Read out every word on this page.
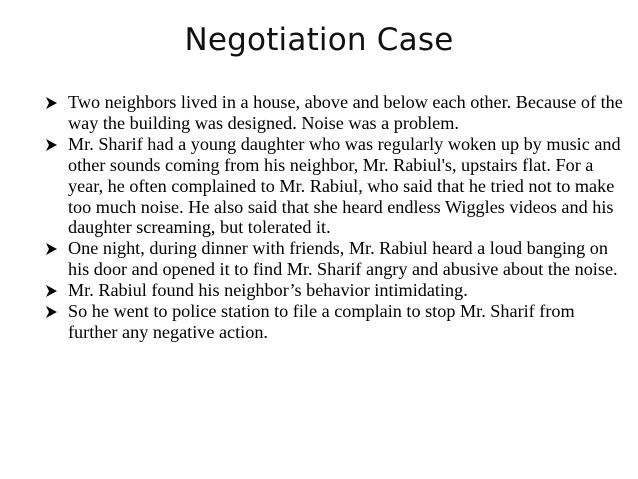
Negotiation Case
Two neighbors lived in a house, above and below each other. Because of the way the building was designed. Noise was a problem.
Mr. Sharif had a young daughter who was regularly woken up by music and other sounds coming from his neighbor, Mr. Rabiul's, upstairs flat. For a year, he often complained to Mr. Rabiul, who said that he tried not to make too much noise. He also said that she heard endless Wiggles videos and his daughter screaming, but tolerated it.
One night, during dinner with friends, Mr. Rabiul heard a loud banging on his door and opened it to find Mr. Sharif angry and abusive about the noise.
Mr. Rabiul found his neighbor’s behavior intimidating.
So he went to police station to file a complain to stop Mr. Sharif from further any negative action.
